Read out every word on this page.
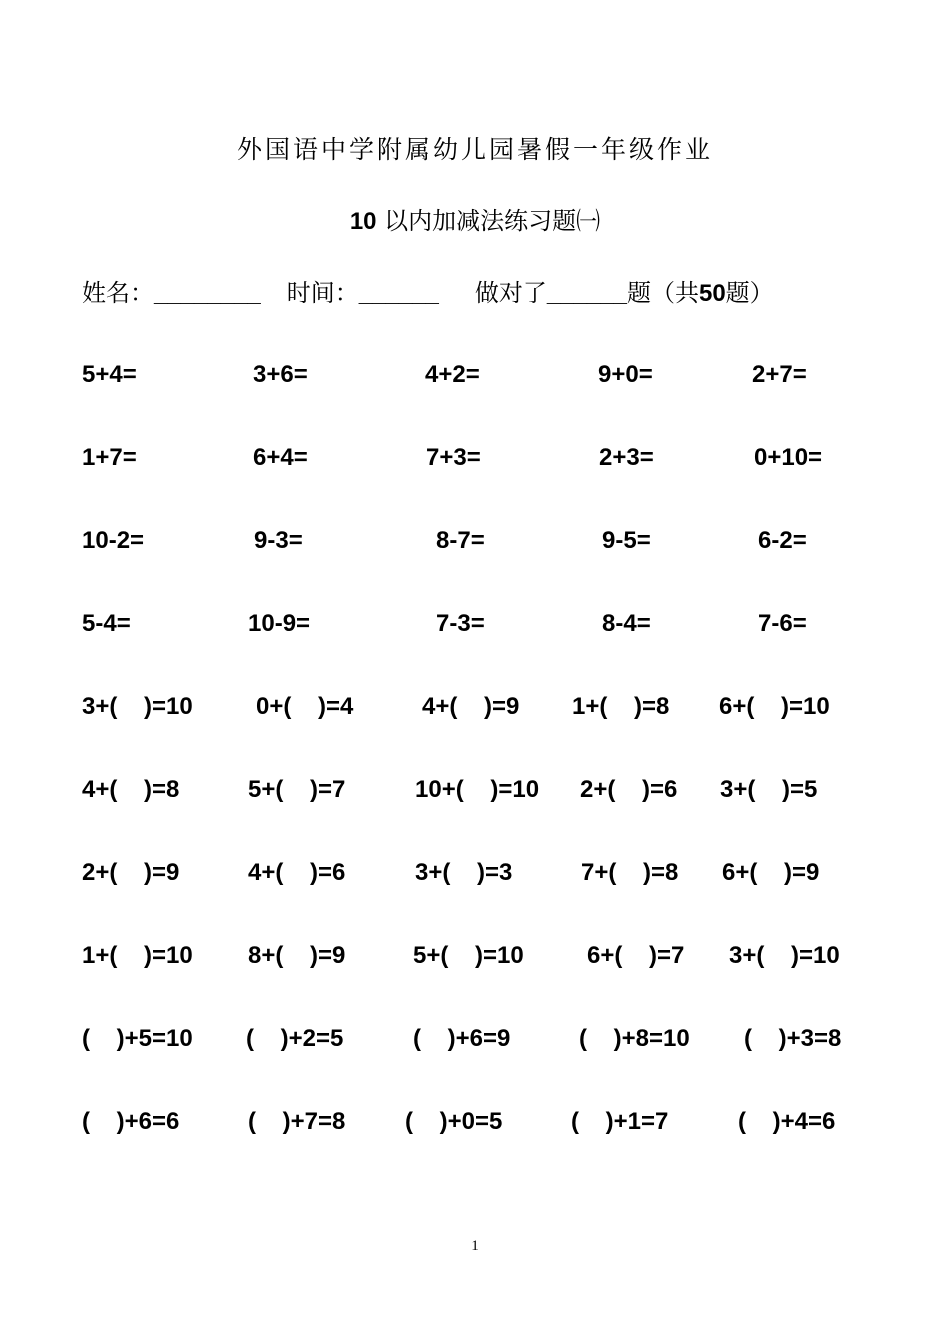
外国语中学附属幼儿园暑假一年级作业
10 以内加减法练习题㈠
姓名：________ 时间：______ 做对了______题（共50题）
5+4=	3+6=	4+2=	9+0=	2+7=
1+7=	6+4=	7+3=	2+3=	0+10=
10-2=	9-3=	8-7=	9-5=	6-2=
5-4=	10-9=	7-3=	8-4=	7-6=
3+(    )=10	0+(    )=4	4+(    )=9 1+(    )=8 6+(    )=10
4+(    )=8	5+(    )=7	10+(    )=10 2+(    )=6 3+(    )=5
2+(    )=9	4+(    )=6	3+(    )=3	7+(    )=8 6+(    )=9
1+(    )=10 8+(    )=9	5+(    )=10	6+(    )=7 3+(    )=10
(    )+5=10 (    )+2=5	(    )+6=9	(    )+8=10 (    )+3=8
(    )+6=6	(    )+7=8 (    )+0=5	(    )+1=7	(    )+4=6
1
